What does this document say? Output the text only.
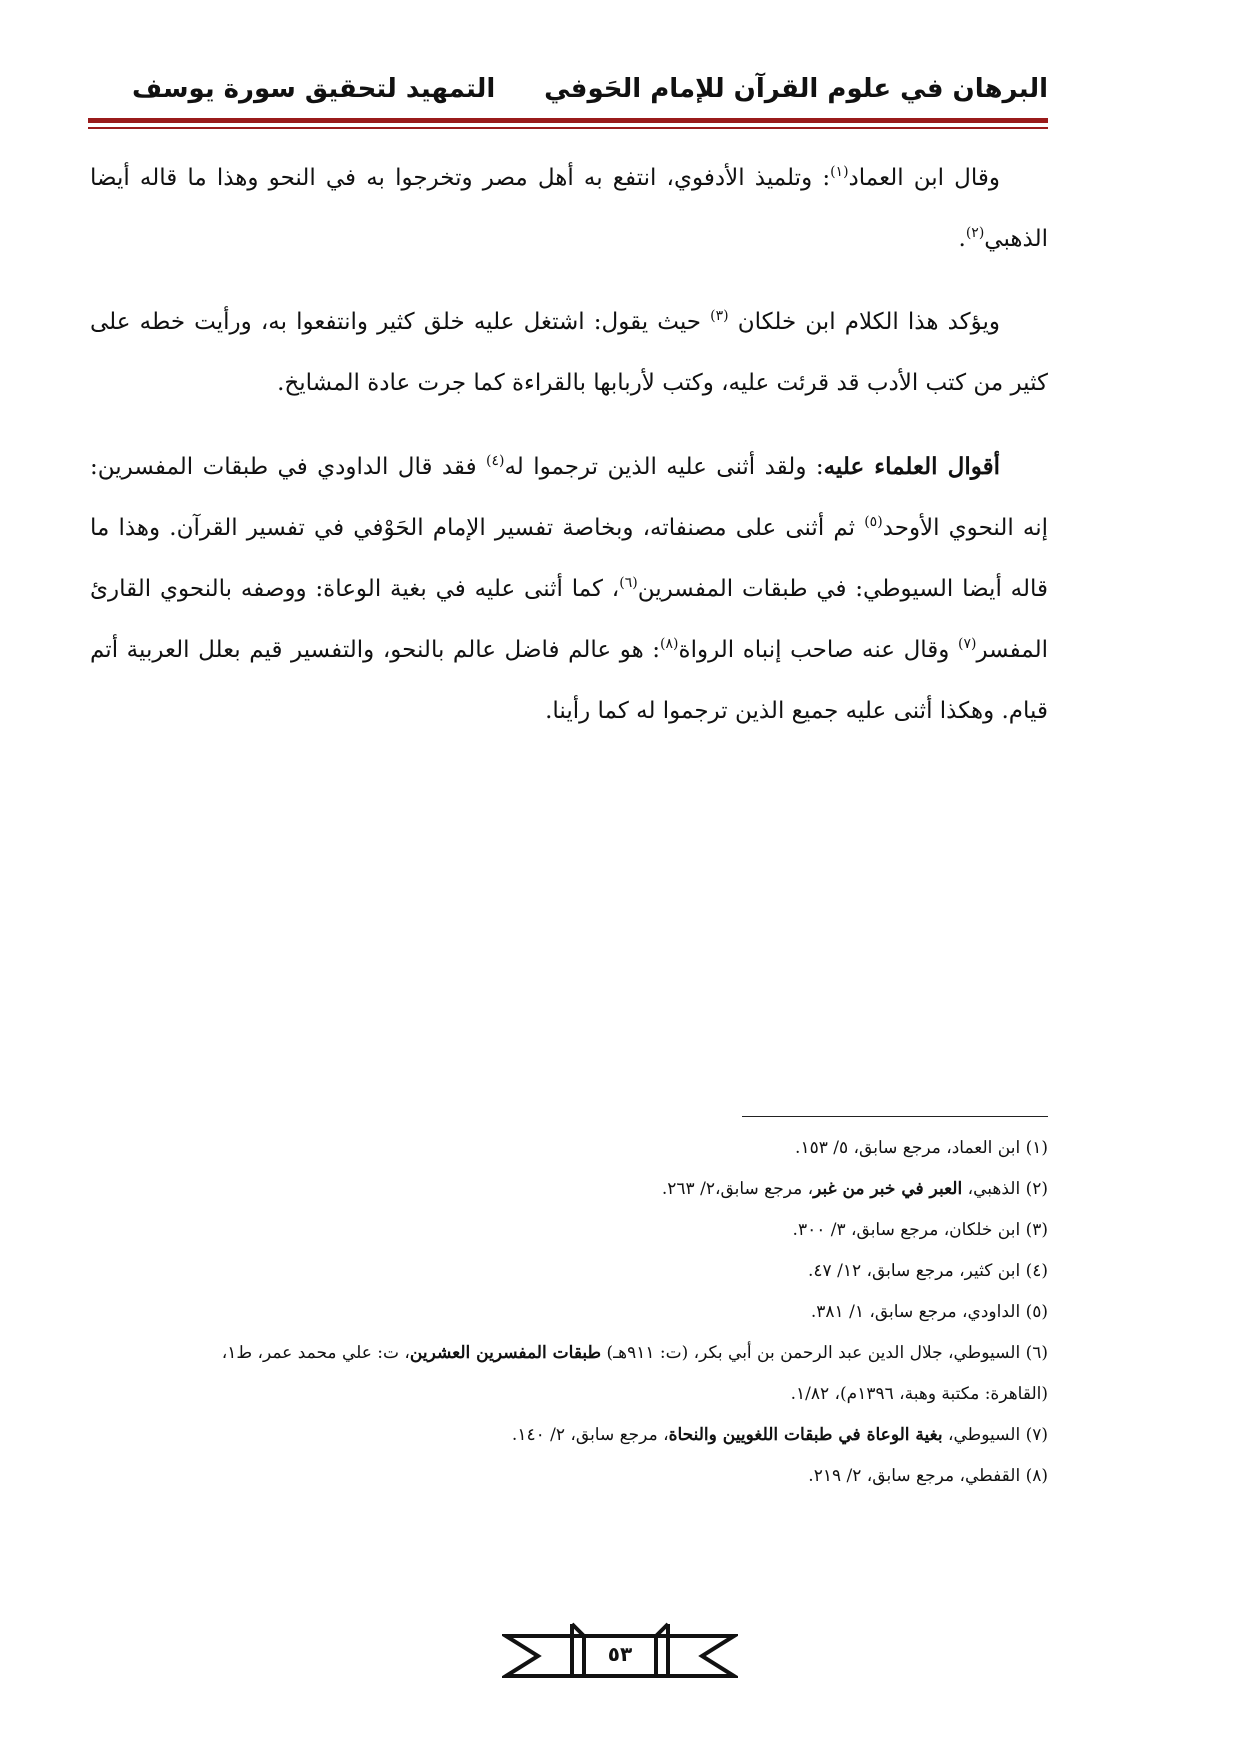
البرهان في علوم القرآن للإمام الحَوفي
التمهيد لتحقيق سورة يوسف

وقال ابن العماد$^{(١)}$: وتلميذ الأدفوي، انتفع به أهل مصر وتخرجوا به في النحو وهذا ما قاله أيضا الذهبي$^{(٢)}$.

ويؤكد هذا الكلام ابن خلكان $^{(٣)}$ حيث يقول: اشتغل عليه خلق كثير وانتفعوا به، ورأيت خطه على كثير من كتب الأدب قد قرئت عليه، وكتب لأربابها بالقراءة كما جرت عادة المشايخ.

أقوال العلماء عليه: ولقد أثنى عليه الذين ترجموا له$^{(٤)}$ فقد قال الداودي في طبقات المفسرين: إنه النحوي الأوحد$^{(٥)}$ ثم أثنى على مصنفاته، وبخاصة تفسير الإمام الحَوْفي في تفسير القرآن. وهذا ما قاله أيضا السيوطي: في طبقات المفسرين$^{(٦)}$، كما أثنى عليه في بغية الوعاة: ووصفه بالنحوي القارئ المفسر$^{(٧)}$ وقال عنه صاحب إنباه الرواة$^{(٨)}$: هو عالم فاضل عالم بالنحو، والتفسير قيم بعلل العربية أتم قيام. وهكذا أثنى عليه جميع الذين ترجموا له كما رأينا.

(١) ابن العماد، مرجع سابق، ٥/ ١٥٣.

(٢) الذهبي، العبر في خبر من غبر، مرجع سابق،٢/ ٢٦٣.

(٣) ابن خلكان، مرجع سابق، ٣/ ٣٠٠.

(٤) ابن كثير، مرجع سابق، ١٢/ ٤٧.

(٥) الداودي، مرجع سابق، ١/ ٣٨١.

(٦) السيوطي، جلال الدين عبد الرحمن بن أبي بكر، (ت: ٩١١هـ) طبقات المفسرين العشرين، ت: علي محمد عمر، ط١،

(القاهرة: مكتبة وهبة، ١٣٩٦م)، ١/٨٢.

(٧) السيوطي، بغية الوعاة في طبقات اللغويين والنحاة، مرجع سابق، ٢/ ١٤٠.

(٨) القفطي، مرجع سابق، ٢/ ٢١٩.

٥٣
